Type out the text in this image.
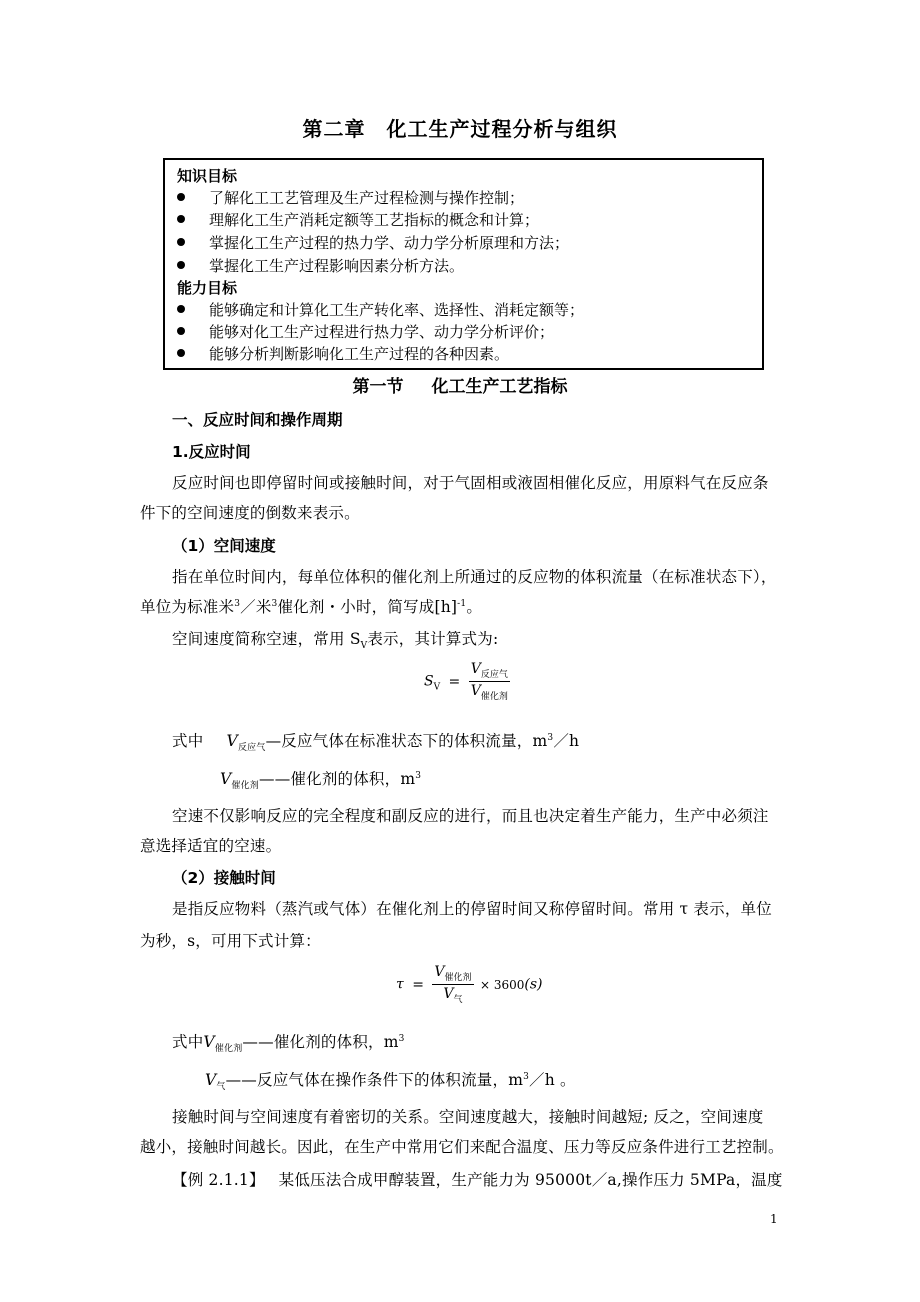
第二章　化工生产过程分析与组织
知识目标
了解化工工艺管理及生产过程检测与操作控制；
理解化工生产消耗定额等工艺指标的概念和计算；
掌握化工生产过程的热力学、动力学分析原理和方法；
掌握化工生产过程影响因素分析方法。
能力目标
能够确定和计算化工生产转化率、选择性、消耗定额等；
能够对化工生产过程进行热力学、动力学分析评价；
能够分析判断影响化工生产过程的各种因素。
第一节 化工生产工艺指标
一、反应时间和操作周期
1.反应时间
反应时间也即停留时间或接触时间，对于气固相或液固相催化反应，用原料气在反应条
件下的空间速度的倒数来表示。
（1）空间速度
指在单位时间内，每单位体积的催化剂上所通过的反应物的体积流量（在标准状态下），
单位为标准米$^3$／米$^3$催化剂・小时，简写成$[h]^{-1}$。
空间速度简称空速，常用 $S_V$表示，其计算式为:
$S_V = \frac{V_{反应气}}{V_{催化剂}}$
式中 $V_{反应气}—$反应气体在标准状态下的体积流量，$m^3/h$
$V_{催化剂}——$催化剂的体积，$m^3$
空速不仅影响反应的完全程度和副反应的进行，而且也决定着生产能力，生产中必须注
意选择适宜的空速。
（2）接触时间
是指反应物料（蒸汽或气体）在催化剂上的停留时间又称停留时间。常用 τ 表示，单位
为秒，s，可用下式计算：
$\tau = \frac{V_{催化剂}}{V_气} \times 3600(s)$
式中$V_{催化剂}——$催化剂的体积，$m^3$
$V_气——$反应气体在操作条件下的体积流量，$m^3/h$ 。
接触时间与空间速度有着密切的关系。空间速度越大，接触时间越短; 反之，空间速度
越小，接触时间越长。因此，在生产中常用它们来配合温度、压力等反应条件进行工艺控制。
【例 2.1.1】 某低压法合成甲醇装置，生产能力为 95000t／a,操作压力 5MPa，温度
1
